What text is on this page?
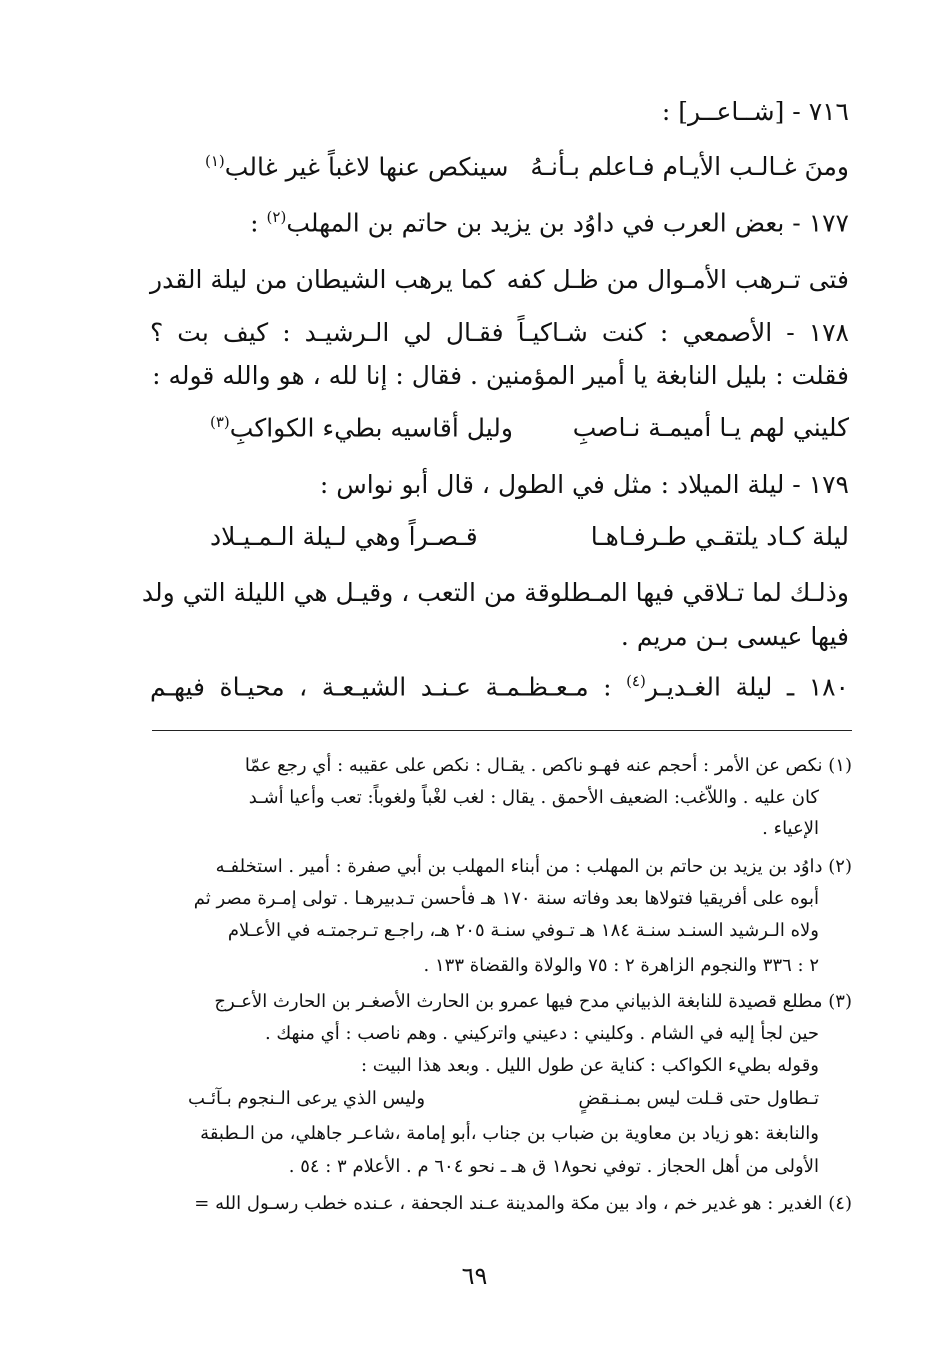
٧١٦ - [شــاعــر] :
ومنَ غـالـب الأيـام فـاعلم بـأنـهُ
سينكص عنها لاغباً غير غالب$^{(١)}$
١٧٧ - بعض العرب في داوُد بن يزيد بن حاتم بن المهلب$^{(٢)}$ :
فتى تـرهب الأمـوال من ظـل كفه
كما يرهب الشيطان من ليلة القدر
١٧٨ - الأصمعي : كنت شـاكيـاً فقـال لي الـرشيـد : كيف بت ؟
فقلت : بليل النابغة يا أمير المؤمنين . فقال : إنا لله ، هو والله قوله :
كليني لهم يـا أميمـة نـاصبِ
وليل أقاسيه بطيء الكواكبِ$^{(٣)}$
١٧٩ - ليلة الميلاد : مثل في الطول ، قال أبو نواس :
ليلة كـاد يلتقـي طـرفـاهـا
قـصـراً وهي لـيلة الـمـيـلاد
وذلـك لما تـلاقي فيها المـطلوقة من التعب ، وقيـل هي الليلة التي ولد
فيها عيسى بـن مريم .
١٨٠ ـ ليلة الغـديـر$^{(٤)}$ : مـعـظـمـة عـنـد الشيـعـة ، محيـاة فيهـم
(١) نكص عن الأمر : أحجم عنه فهـو ناكص . يقـال : نكص على عقيبه : أي رجع عمّا
كان عليه . واللاّغب: الضعيف الأحمق . يقال : لغب لغْباً ولغوباً: تعب وأعيا أشـد
الإعياء .
(٢) داوُد بن يزيد بن حاتم بن المهلب : من أبناء المهلب بن أبي صفرة : أمير . استخلفـه
أبوه على أفريقيا فتولاها بعد وفاته سنة ١٧٠ هـ فأحسن تـدبيرهـا . تولى إمـرة مصر ثم
ولاه الـرشيد السنـد سنـة ١٨٤ هـ تـوفي سنـة ٢٠٥ هـ، راجـع تـرجمتـه في الأعـلام
٢ : ٣٣٦ والنجوم الزاهرة ٢ : ٧٥ والولاة والقضاة ١٣٣ .
(٣) مطلع قصيدة للنابغة الذبياني مدح فيها عمرو بن الحارث الأصغـر بن الحارث الأعـرج
حين لجأ إليه في الشام . وكليني : دعيني واتركيني . وهم ناصب : أي منهك .
وقوله بطيء الكواكب : كناية عن طول الليل . وبعد هذا البيت :
تـطاول حتى قـلت ليس بمـنـقضٍ
وليس الذي يرعى الـنجوم بـآئـب
والنابغة :هو زياد بن معاوية بن ضباب بن جناب ،أبو إمامة ،شاعـر جاهلي، من الـطبقة
الأولى من أهل الحجاز . توفي نحو١٨ ق هـ ـ نحو ٦٠٤ م . الأعلام ٣ : ٥٤ .
(٤) الغدير : هو غدير خم ، واد بين مكة والمدينة عـند الجحفة ، عـنده خطب رسـول الله =
٦٩
